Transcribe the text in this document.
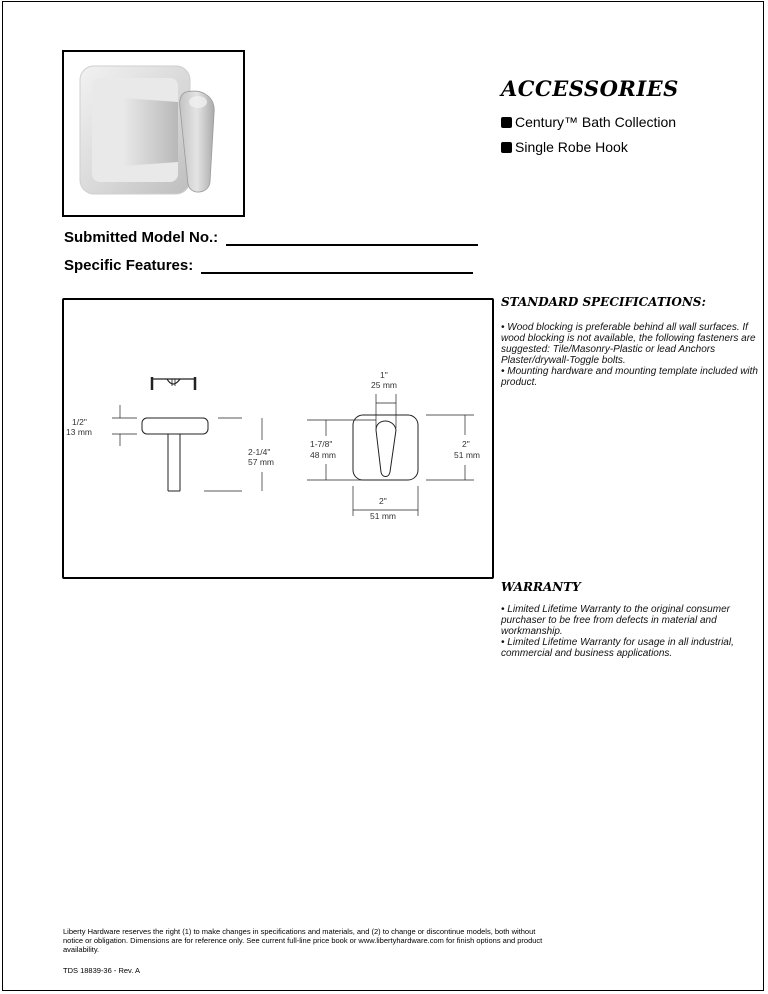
ACCESSORIES
Century™ Bath Collection
Single Robe Hook
Submitted Model No.:
Specific Features:
1/2"
13 mm
2-1/4"
57 mm
1"
25 mm
1-7/8"
48 mm
2"
51 mm
2"
51 mm
STANDARD SPECIFICATIONS:

• Wood blocking is preferable behind all wall surfaces. If wood blocking is not available, the following fasteners are suggested: Tile/Masonry-Plastic or lead Anchors Plaster/drywall-Toggle bolts.

• Mounting hardware and mounting template included with product.

WARRANTY

• Limited Lifetime Warranty to the original consumer purchaser to be free from defects in material and workmanship.

• Limited Lifetime Warranty for usage in all industrial, commercial and business applications.

Liberty Hardware reserves the right (1) to make changes in specifications and materials, and (2) to change or discontinue models, both without notice or obligation. Dimensions are for reference only. See current full-line price book or www.libertyhardware.com for finish options and product availability.
TDS 18839-36 - Rev. A
